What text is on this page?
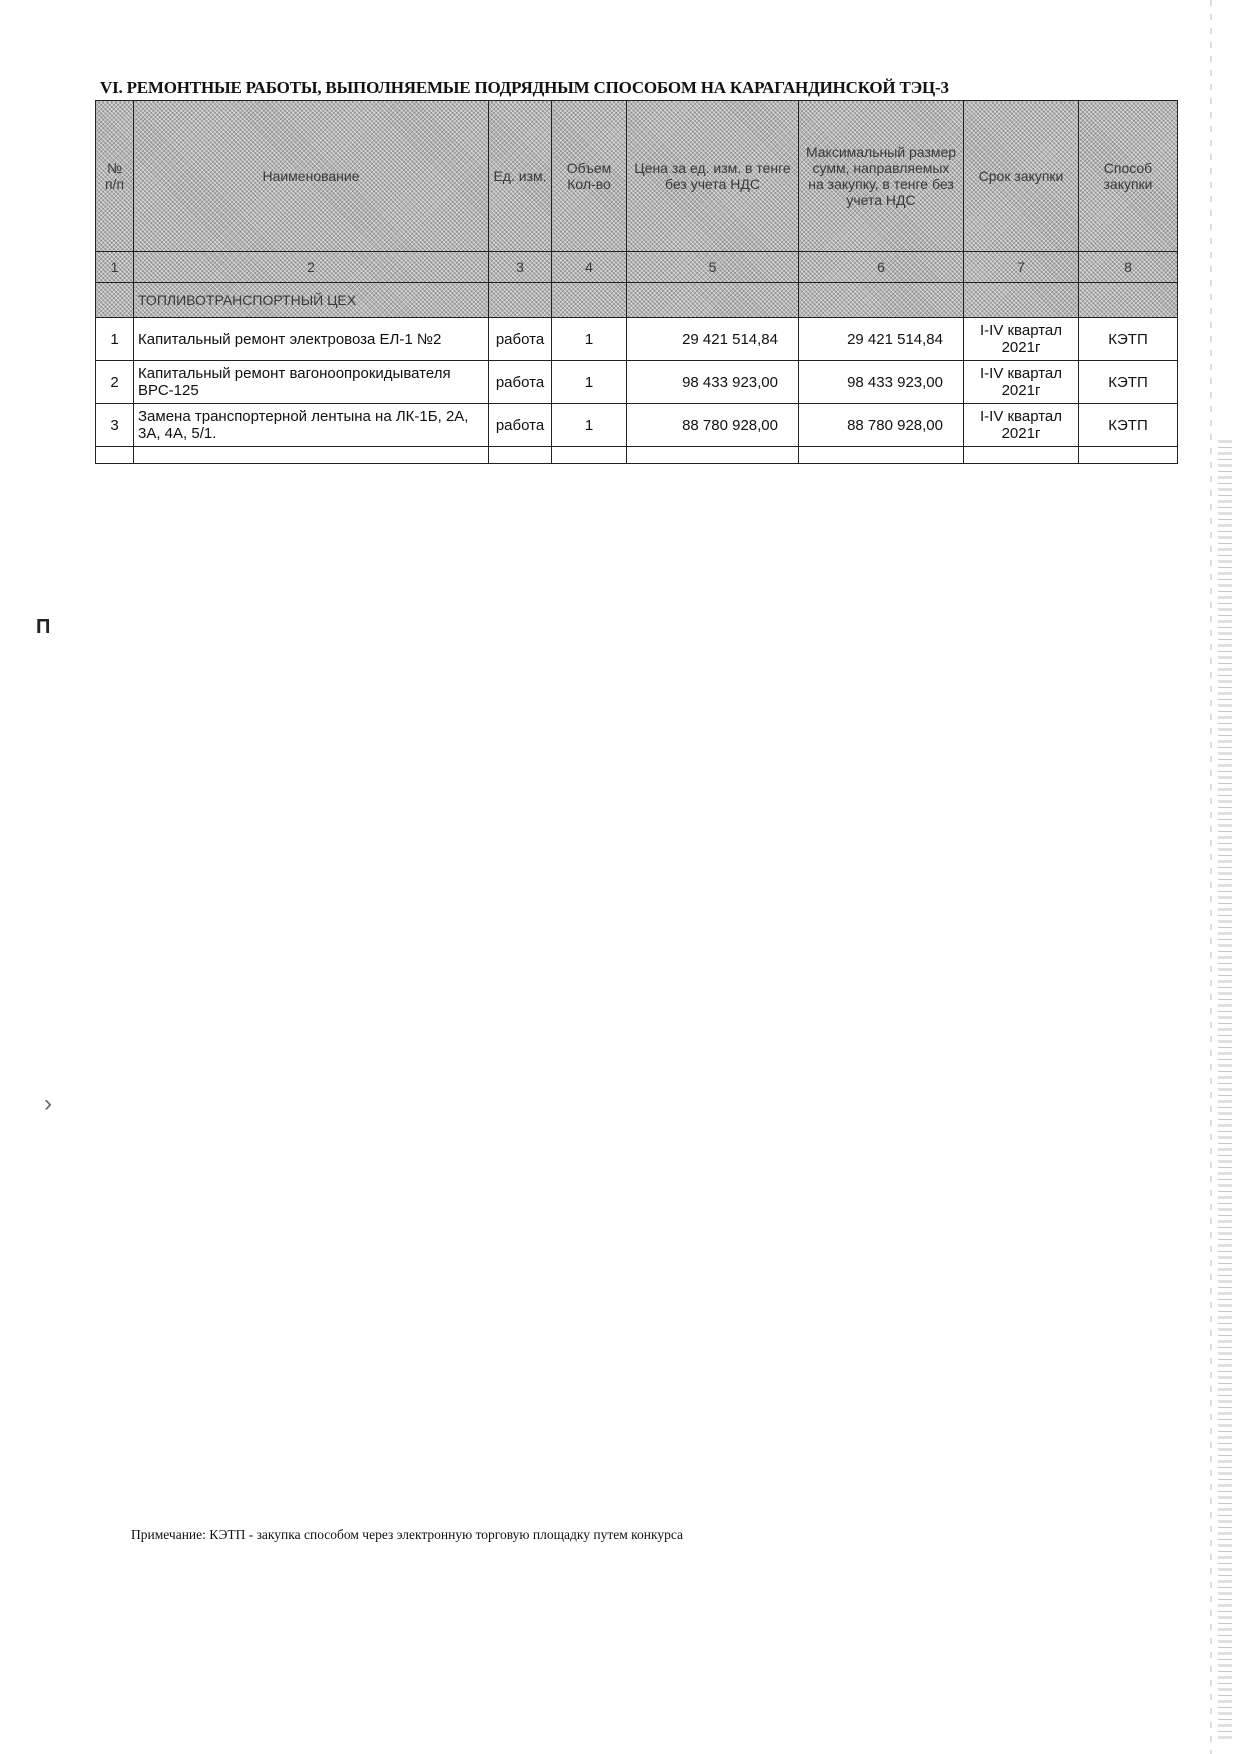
VI. РЕМОНТНЫЕ РАБОТЫ, ВЫПОЛНЯЕМЫЕ ПОДРЯДНЫМ СПОСОБОМ НА КАРАГАНДИНСКОЙ ТЭЦ-3
№ п/п	Наименование	Ед. изм.	Объем Кол-во	Цена за ед. изм. в тенге без учета НДС	Максимальный размер сумм, направляемых на закупку, в тенге без учета НДС	Срок закупки	Способ закупки
1	2	3	4	5	6	7	8
	ТОПЛИВОТРАНСПОРТНЫЙ ЦЕХ						
1	Капитальный ремонт электровоза ЕЛ-1 №2	работа	1	29 421 514,84	29 421 514,84	I-IV квартал 2021г	КЭТП
2	Капитальный ремонт вагоноопрокидывателя ВРС-125	работа	1	98 433 923,00	98 433 923,00	I-IV квартал 2021г	КЭТП
3	Замена транспортерной лентына на ЛК-1Б, 2А, 3А, 4А, 5/1.	работа	1	88 780 928,00	88 780 928,00	I-IV квартал 2021г	КЭТП

П
›
Примечание: КЭТП - закупка способом через электронную торговую площадку путем конкурса
